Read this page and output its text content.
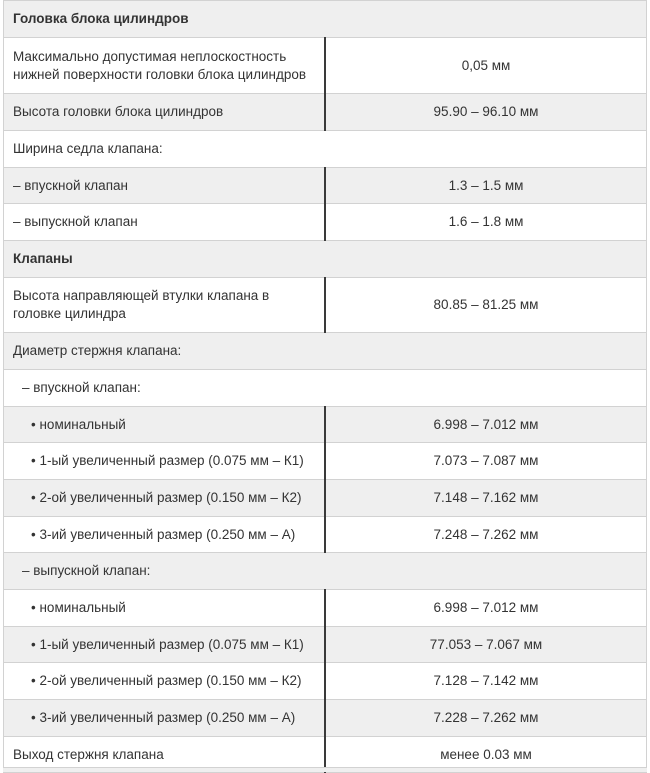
Головка блока цилиндров	
Максимально допустимая неплоскостность нижней поверхности головки блока цилиндров	0,05 мм
Высота головки блока цилиндров	95.90 – 96.10 мм
Ширина седла клапана:	
– впускной клапан	1.3 – 1.5 мм
– выпускной клапан	1.6 – 1.8 мм
Клапаны	
Высота направляющей втулки клапана в головке цилиндра	80.85 – 81.25 мм
Диаметр стержня клапана:	
– впускной клапан:	
• номинальный	6.998 – 7.012 мм
• 1-ый увеличенный размер (0.075 мм – К1)	7.073 – 7.087 мм
• 2-ой увеличенный размер (0.150 мм – К2)	7.148 – 7.162 мм
• 3-ий увеличенный размер (0.250 мм – А)	7.248 – 7.262 мм
– выпускной клапан:	
• номинальный	6.998 – 7.012 мм
• 1-ый увеличенный размер (0.075 мм – К1)	77.053 – 7.067 мм
• 2-ой увеличенный размер (0.150 мм – К2)	7.128 – 7.142 мм
• 3-ий увеличенный размер (0.250 мм – А)	7.228 – 7.262 мм
Выход стержня клапана	менее 0.03 мм
